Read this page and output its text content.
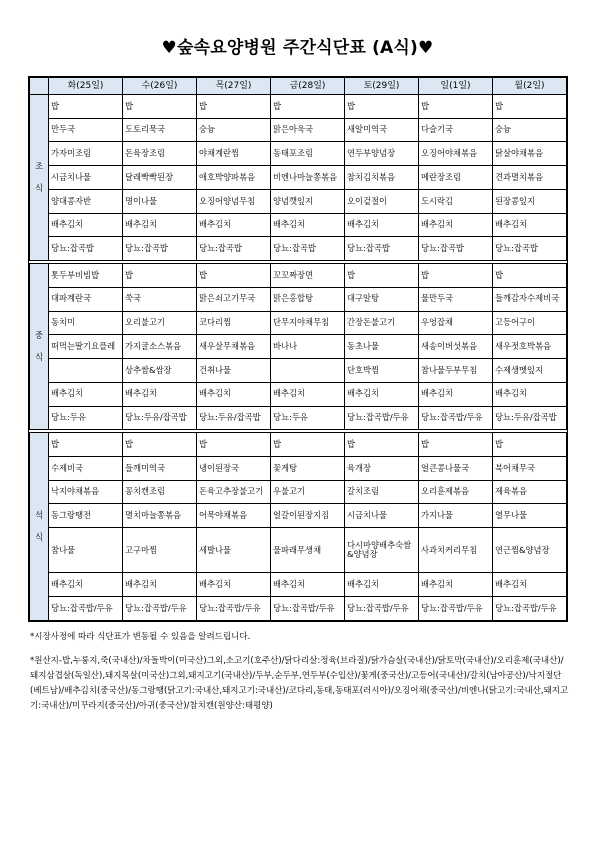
♥숲속요양병원 주간식단표 (A식)♥
	화(25일)	수(26일)	목(27일)	금(28일)	토(29일)	일(1일)	월(2일)

조
식	밥	밥	밥	밥	밥	밥	밥
	만두국	도토리묵국	숭늉	맑은아욱국	새알미역국	다슬기국	숭늉
	가자미조림	돈육장조림	야채계란찜	동태포조림	연두부양념장	오징어야채볶음	닭살야채볶음
	시금치나물	달래빡빡된장	애호박양파볶음	비엔나마늘쫑볶음	참치김치볶음	메란장조림	견과멸치볶음
	양대콩자반	명이나물	오징어양념무침	양념깻잎지	오이겉절이	도시락김	된장콩잎지
	배추김치	배추김치	배추김치	배추김치	배추김치	배추김치	배추김치
	당뇨:잡곡밥	당뇨:잡곡밥	당뇨:잡곡밥	당뇨:잡곡밥	당뇨:잡곡밥	당뇨:잡곡밥	당뇨:잡곡밥

중
식	톳두부비빔밥	밥	밥	꼬꼬짜장면	밥	밥	밥
	대파계란국	쑥국	맑은쇠고기무국	맑은홍합탕	대구알탕	물만두국	들깨감자수제비국
	동치미	오리불고기	코다리찜	단무지야채무침	간장돈불고기	우엉잡채	고등어구이
	떠먹는딸기요플레	가지굴소스볶음	새우살무채볶음	바나나	동초나물	새송이버섯볶음	새우젓호박볶음
		상추쌈&쌈장	건취나물		단호박찜	참나물두부무침	수제생멧잎지
	배추김치	배추김치	배추김치	배추김치	배추김치	배추김치	배추김치
	당뇨:두유	당뇨:두유/잡곡밥	당뇨:두유/잡곡밥	당뇨:두유	당뇨:잡곡밥/두유	당뇨:잡곡밥/두유	당뇨:두유/잡곡밥

석
식	밥	밥	밥	밥	밥	밥	밥
	수제비국	들깨미역국	냉이된장국	꽃게탕	육개장	얼큰콩나물국	북어채무국
	낙지야채볶음	꽁치캔조림	돈육고추장불고기	우불고기	갈치조림	오리훈제볶음	제육볶음
	동그랑땡전	멸치마늘쫑볶음	어묵야채볶음	얼갈이된장지짐	시금치나물	가지나물	열무나물
	참나물	고구마찜	세발나물	물파래무생채	다시마양배추숙쌈&양념장	사과치커리무침	연근찜&양념장
	배추김치	배추김치	배추김치	배추김치	배추김치	배추김치	배추김치
	당뇨:잡곡밥/두유	당뇨:잡곡밥/두유	당뇨:잡곡밥/두유	당뇨:잡곡밥/두유	당뇨:잡곡밥/두유	당뇨:잡곡밥/두유	당뇨:잡곡밥/두유

*시장사정에 따라 식단표가 변동될 수 있음을 알려드립니다.

*원산지-밥,누룽지,죽(국내산)/차돌박이(미국산)그외,소고기(호주산)/닭다리살:정육(브라질)/닭가슴살(국내산)/닭토막(국내산)/오리훈제(국내산)/돼지삼겹살(독일산),돼지목살(미국산)그외,돼지고기(국내산)/두부,순두부,연두부(수입산)/꽃게(중국산)/고등어(국내산)/갈치(남아공산)/낙지절단(베트남)/배추김치(중국산)/동그랑땡(닭고기:국내산,돼지고기:국내산)/코다리,동태,동태포(러시아)/오징어채(중국산)/비엔나(닭고기:국내산,돼지고기:국내산)/미꾸라지(중국산)/아귀(중국산)/참치캔(원양산:태평양)
